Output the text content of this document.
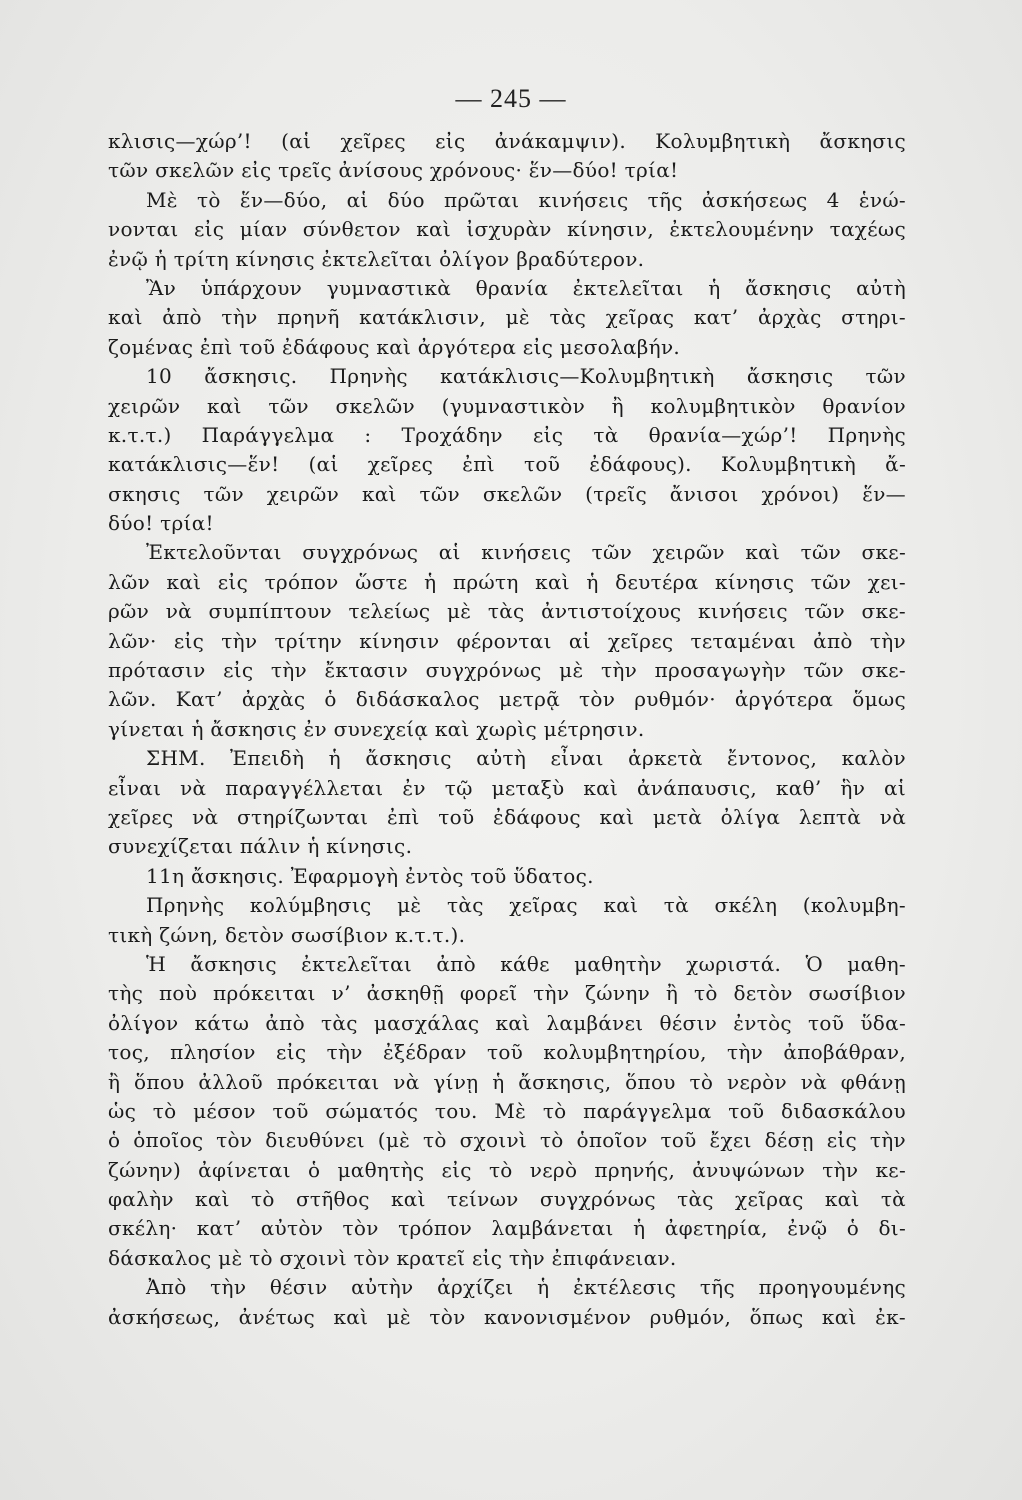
— 245 —
κλισις—χώρ’! (αἱ χεῖρες εἰς ἀνάκαμψιν). Κολυμβητικὴ ἄσκησις
τῶν σκελῶν εἰς τρεῖς ἀνίσους χρόνους· ἕν—δύο! τρία!
Μὲ τὸ ἕν—δύο, αἱ δύο πρῶται κινήσεις τῆς ἀσκήσεως 4 ἑνώ-
νονται εἰς μίαν σύνθετον καὶ ἰσχυρὰν κίνησιν, ἐκτελουμένην ταχέως
ἐνῷ ἡ τρίτη κίνησις ἐκτελεῖται ὀλίγον βραδύτερον.
Ἂν ὑπάρχουν γυμναστικὰ θρανία ἐκτελεῖται ἡ ἄσκησις αὐτὴ
καὶ ἀπὸ τὴν πρηνῆ κατάκλισιν, μὲ τὰς χεῖρας κατ’ ἀρχὰς στηρι-
ζομένας ἐπὶ τοῦ ἐδάφους καὶ ἀργότερα εἰς μεσολαβήν.
10 ἄσκησις. Πρηνὴς κατάκλισις—Κολυμβητικὴ ἄσκησις τῶν
χειρῶν καὶ τῶν σκελῶν (γυμναστικὸν ἢ κολυμβητικὸν θρανίον
κ.τ.τ.) Παράγγελμα : Τροχάδην εἰς τὰ θρανία—χώρ’! Πρηνὴς
κατάκλισις—ἕν! (αἱ χεῖρες ἐπὶ τοῦ ἐδάφους). Κολυμβητικὴ ἄ-
σκησις τῶν χειρῶν καὶ τῶν σκελῶν (τρεῖς ἄνισοι χρόνοι) ἕν—
δύο! τρία!
Ἐκτελοῦνται συγχρόνως αἱ κινήσεις τῶν χειρῶν καὶ τῶν σκε-
λῶν καὶ εἰς τρόπον ὥστε ἡ πρώτη καὶ ἡ δευτέρα κίνησις τῶν χει-
ρῶν νὰ συμπίπτουν τελείως μὲ τὰς ἀντιστοίχους κινήσεις τῶν σκε-
λῶν· εἰς τὴν τρίτην κίνησιν φέρονται αἱ χεῖρες τεταμέναι ἀπὸ τὴν
πρότασιν εἰς τὴν ἔκτασιν συγχρόνως μὲ τὴν προσαγωγὴν τῶν σκε-
λῶν. Κατ’ ἀρχὰς ὁ διδάσκαλος μετρᾷ τὸν ρυθμόν· ἀργότερα ὅμως
γίνεται ἡ ἄσκησις ἐν συνεχείᾳ καὶ χωρὶς μέτρησιν.
ΣΗΜ. Ἐπειδὴ ἡ ἄσκησις αὐτὴ εἶναι ἀρκετὰ ἔντονος, καλὸν
εἶναι νὰ παραγγέλλεται ἐν τῷ μεταξὺ καὶ ἀνάπαυσις, καθ’ ἣν αἱ
χεῖρες νὰ στηρίζωνται ἐπὶ τοῦ ἐδάφους καὶ μετὰ ὀλίγα λεπτὰ νὰ
συνεχίζεται πάλιν ἡ κίνησις.
11η ἄσκησις. Ἐφαρμογὴ ἐντὸς τοῦ ὕδατος.
Πρηνὴς κολύμβησις μὲ τὰς χεῖρας καὶ τὰ σκέλη (κολυμβη-
τικὴ ζώνη, δετὸν σωσίβιον κ.τ.τ.).
Ἡ ἄσκησις ἐκτελεῖται ἀπὸ κάθε μαθητὴν χωριστά. Ὁ μαθη-
τὴς ποὺ πρόκειται ν’ ἀσκηθῇ φορεῖ τὴν ζώνην ἢ τὸ δετὸν σωσίβιον
ὀλίγον κάτω ἀπὸ τὰς μασχάλας καὶ λαμβάνει θέσιν ἐντὸς τοῦ ὕδα-
τος, πλησίον εἰς τὴν ἐξέδραν τοῦ κολυμβητηρίου, τὴν ἀποβάθραν,
ἢ ὅπου ἀλλοῦ πρόκειται νὰ γίνῃ ἡ ἄσκησις, ὅπου τὸ νερὸν νὰ φθάνῃ
ὡς τὸ μέσον τοῦ σώματός του. Μὲ τὸ παράγγελμα τοῦ διδασκάλου
ὁ ὁποῖος τὸν διευθύνει (μὲ τὸ σχοινὶ τὸ ὁποῖον τοῦ ἔχει δέσῃ εἰς τὴν
ζώνην) ἀφίνεται ὁ μαθητὴς εἰς τὸ νερὸ πρηνής, ἀνυψώνων τὴν κε-
φαλὴν καὶ τὸ στῆθος καὶ τείνων συγχρόνως τὰς χεῖρας καὶ τὰ
σκέλη· κατ’ αὐτὸν τὸν τρόπον λαμβάνεται ἡ ἀφετηρία, ἐνῷ ὁ δι-
δάσκαλος μὲ τὸ σχοινὶ τὸν κρατεῖ εἰς τὴν ἐπιφάνειαν.
Ἀπὸ τὴν θέσιν αὐτὴν ἀρχίζει ἡ ἐκτέλεσις τῆς προηγουμένης
ἀσκήσεως, ἀνέτως καὶ μὲ τὸν κανονισμένον ρυθμόν, ὅπως καὶ ἐκ-
